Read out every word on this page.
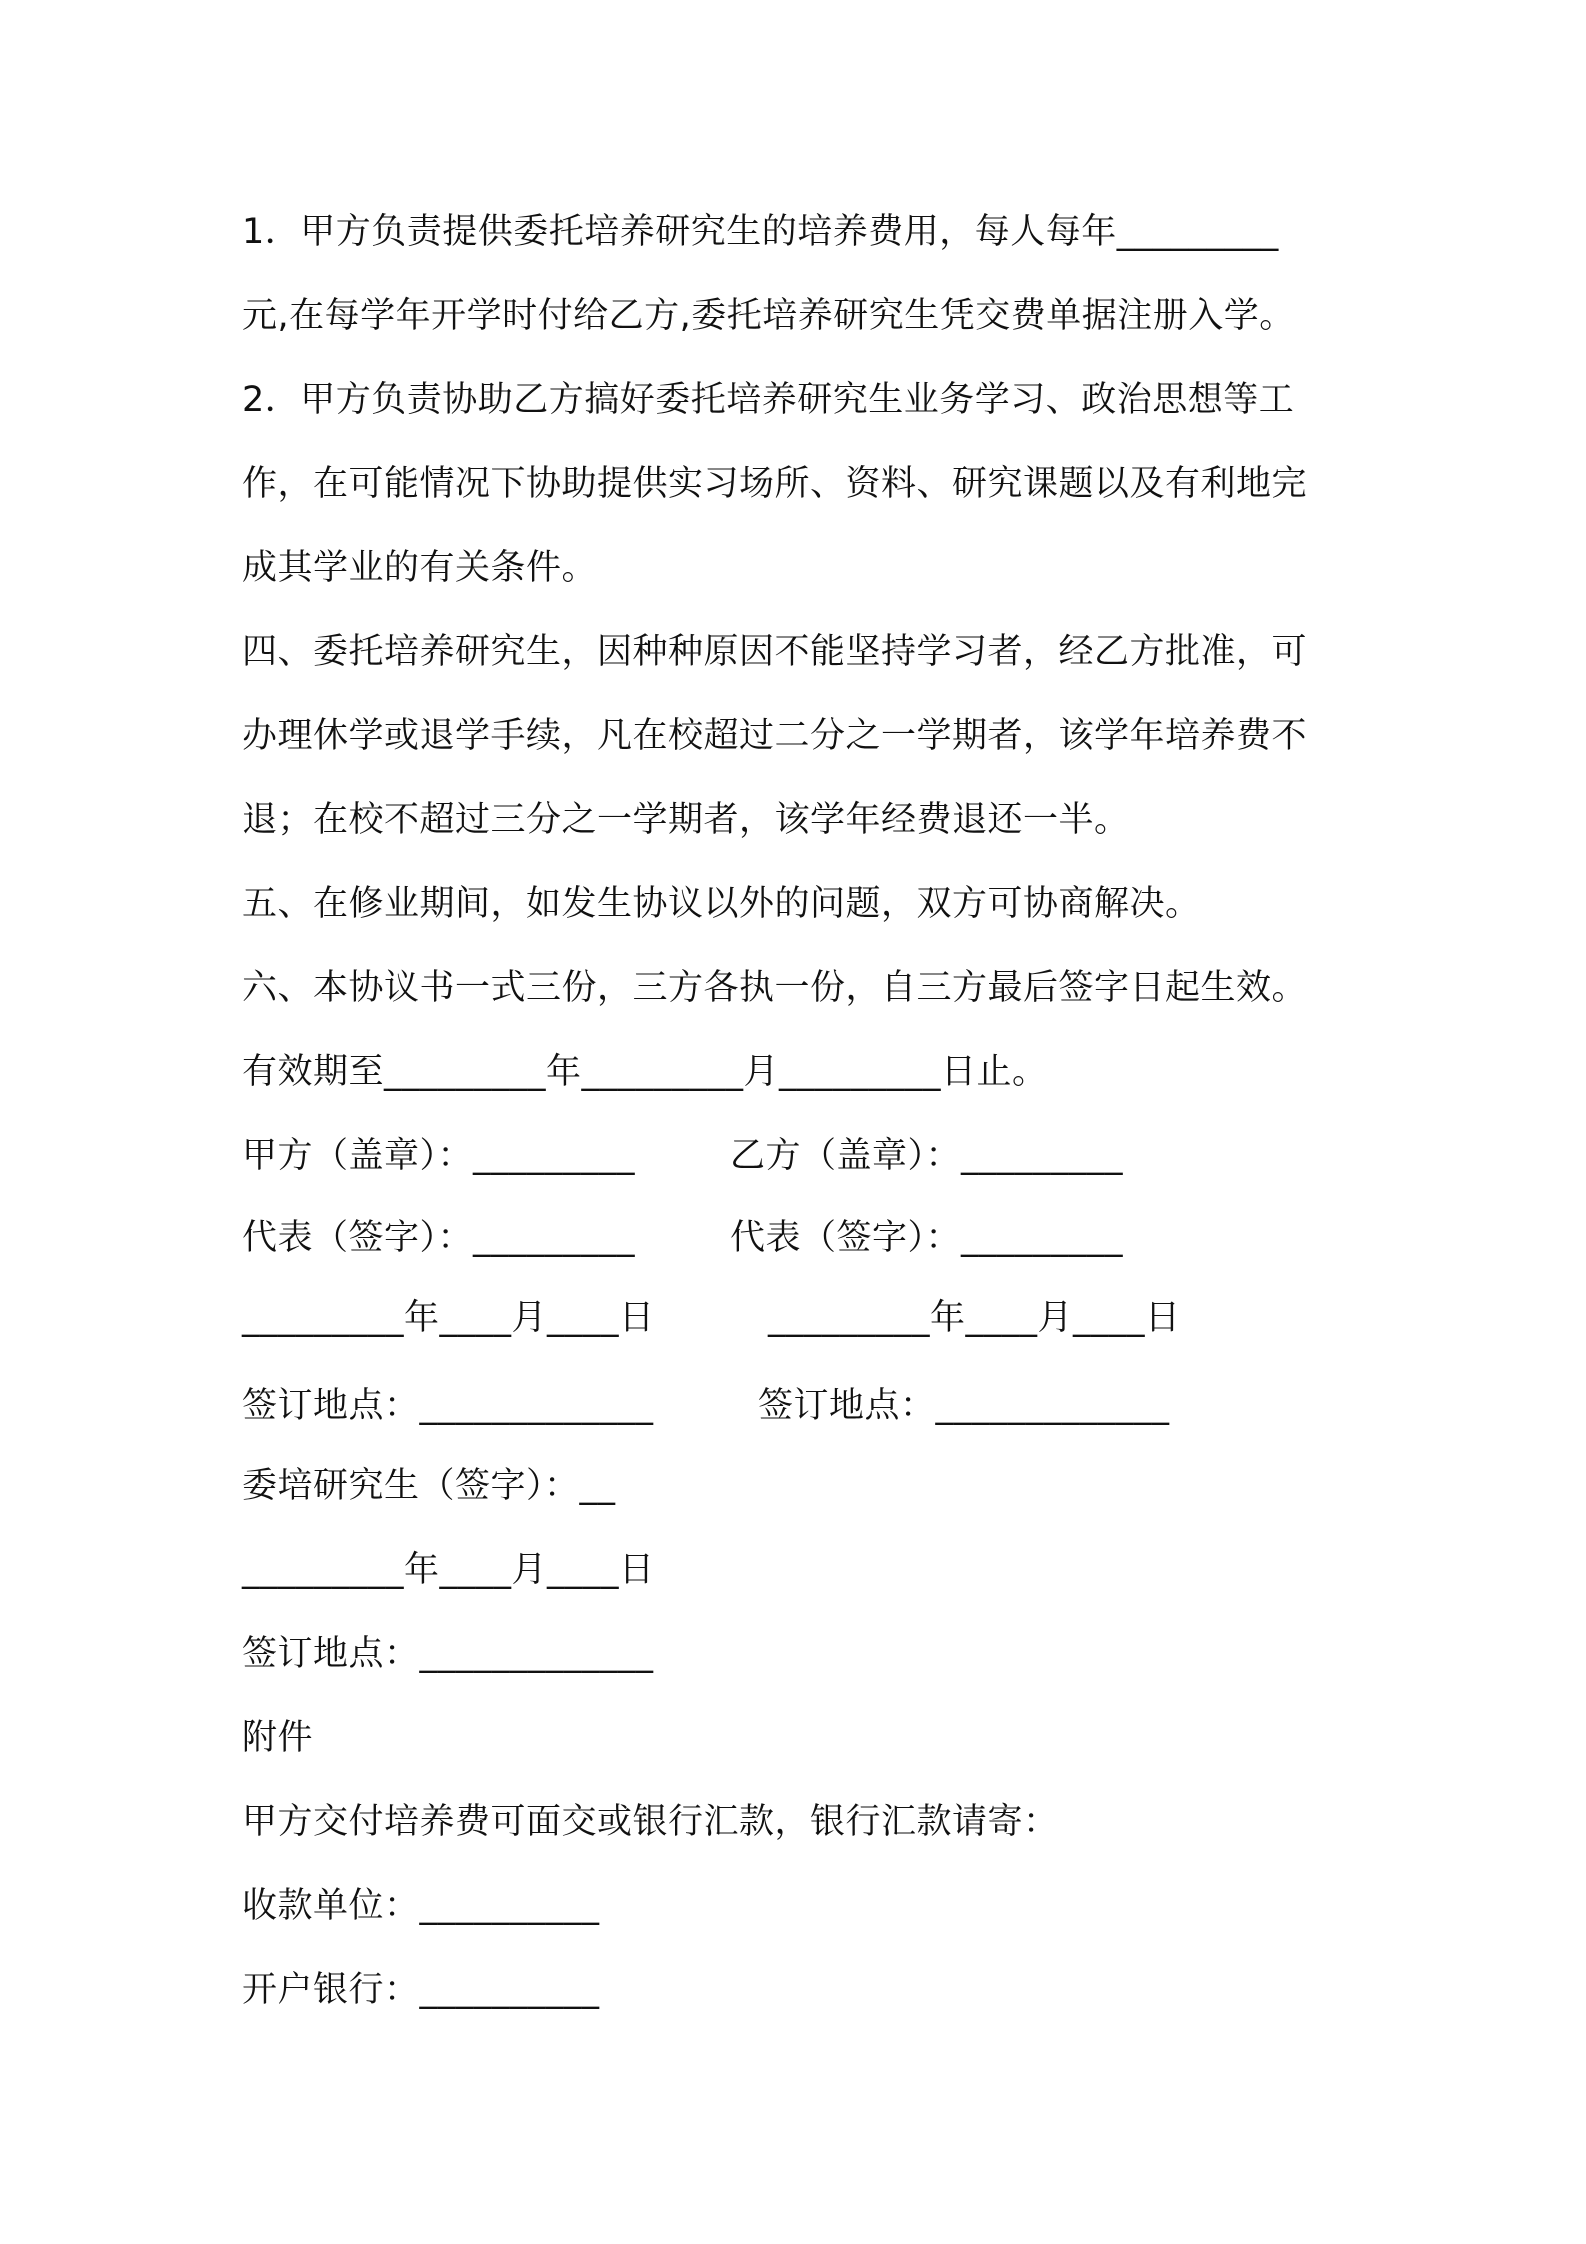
1．甲方负责提供委托培养研究生的培养费用，每人每年_________
元,在每学年开学时付给乙方,委托培养研究生凭交费单据注册入学。
2．甲方负责协助乙方搞好委托培养研究生业务学习、政治思想等工
作，在可能情况下协助提供实习场所、资料、研究课题以及有利地完
成其学业的有关条件。
四、委托培养研究生，因种种原因不能坚持学习者，经乙方批准，可
办理休学或退学手续，凡在校超过二分之一学期者，该学年培养费不
退；在校不超过三分之一学期者，该学年经费退还一半。
五、在修业期间，如发生协议以外的问题，双方可协商解决。
六、本协议书一式三份，三方各执一份，自三方最后签字日起生效。
有效期至_________年_________月_________日止。
甲方（盖章）：_________	乙方（盖章）：_________
代表（签字）：_________	代表（签字）：_________
_________年____月____日	_________年____月____日
签订地点：_____________	签订地点：_____________
委培研究生（签字）：__
_________年____月____日
签订地点：_____________
附件
甲方交付培养费可面交或银行汇款，银行汇款请寄：
收款单位：__________
开户银行：__________
